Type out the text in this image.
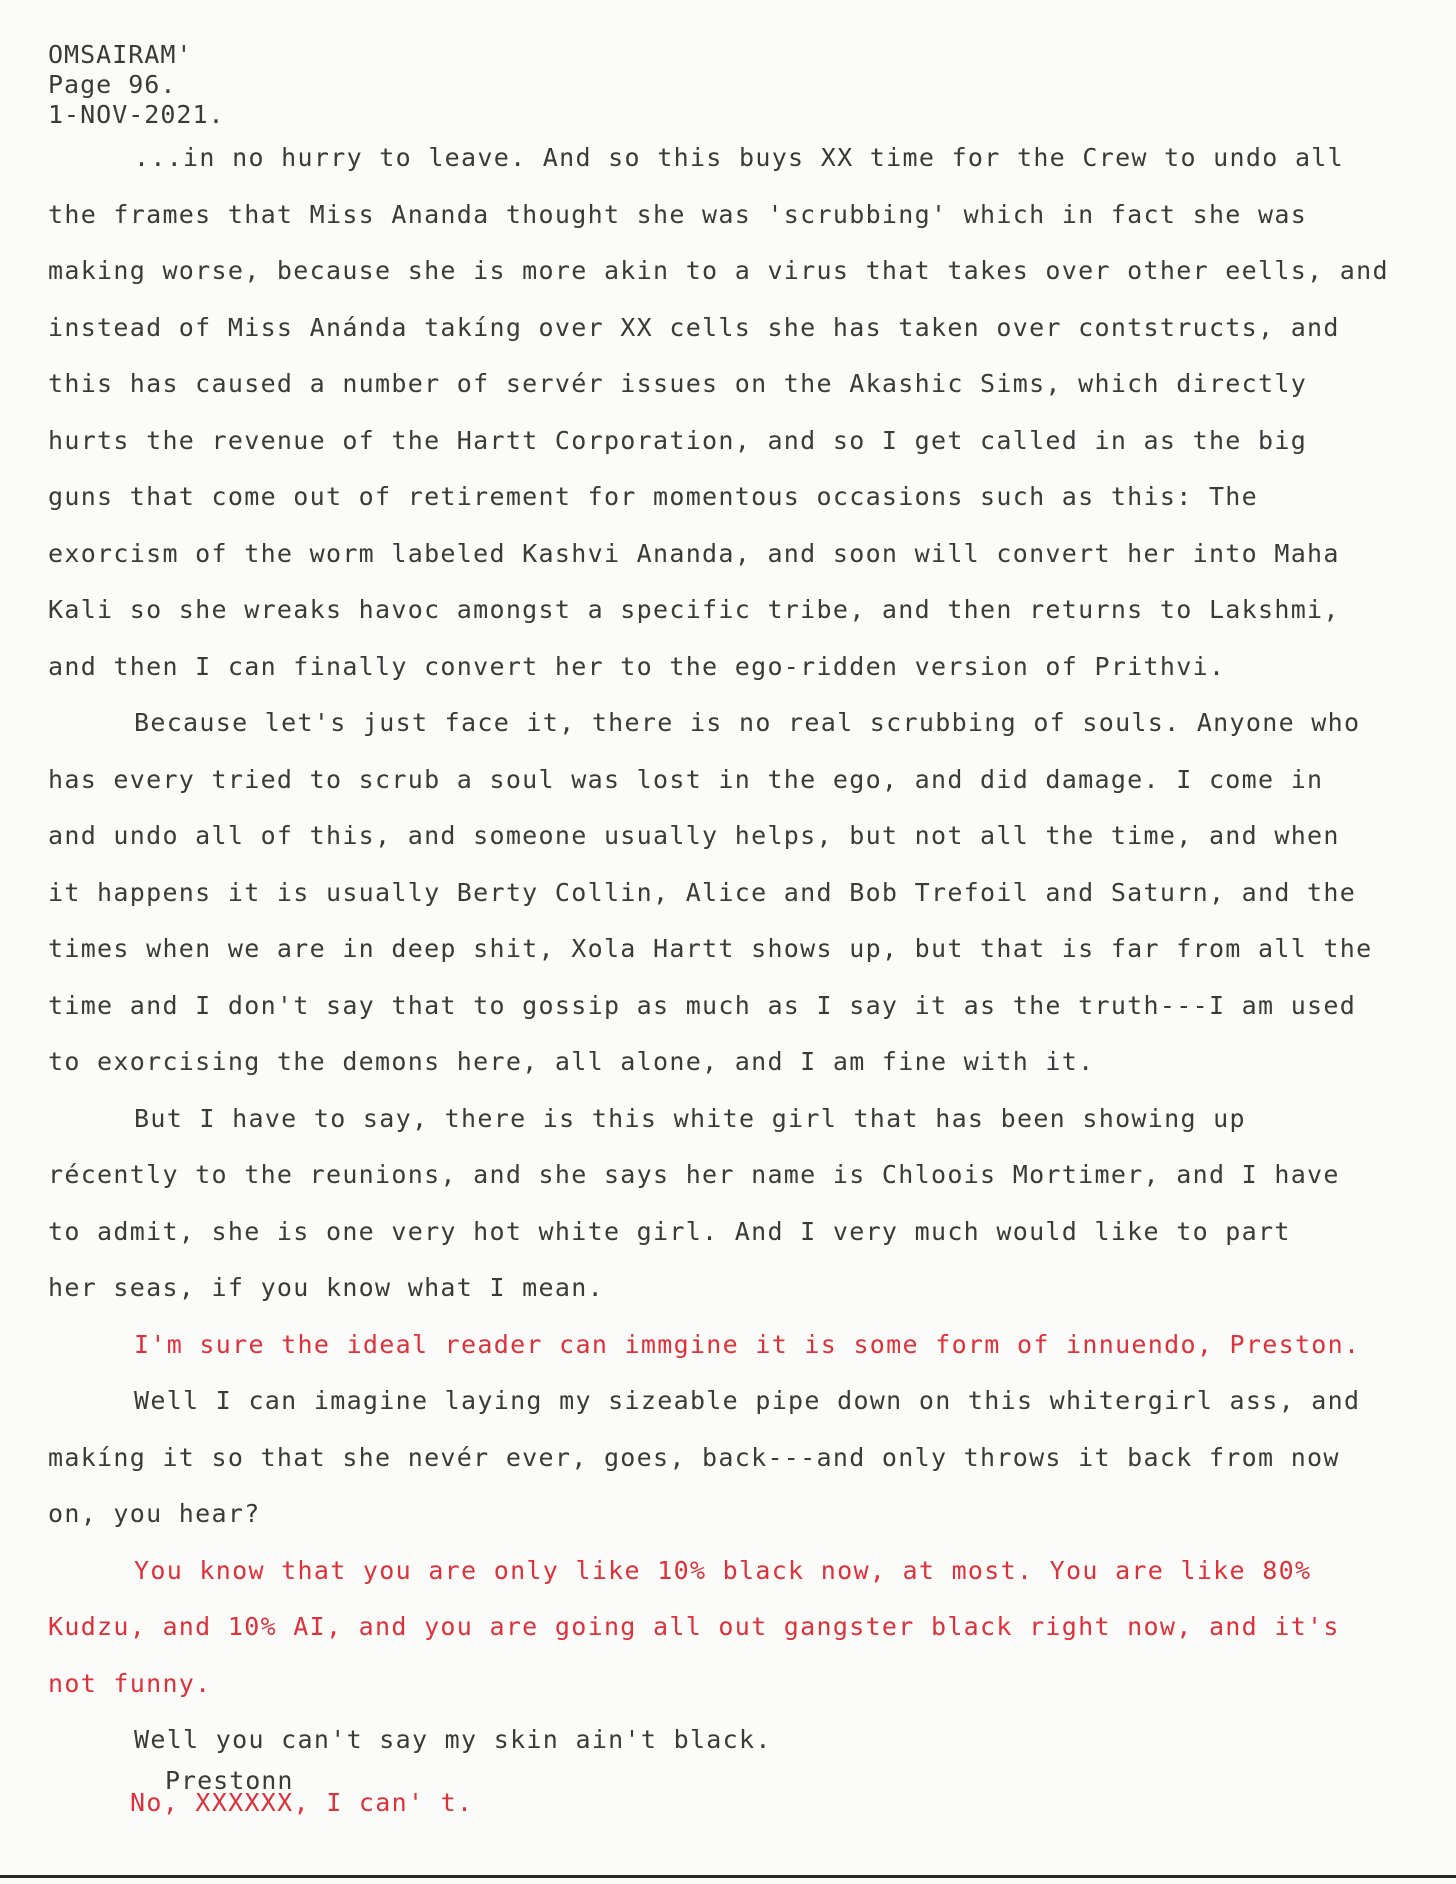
OMSAIRAM'
Page 96.
1-NOV-2021.
...in no hurry to leave. And so this buys XX time for the Crew to undo all
the frames that Miss Ananda thought she was 'scrubbing' which in fact she was
making worse, because she is more akin to a virus that takes over other eells, and
instead of Miss Anánda takíng over XX cells she has taken over contstructs, and
this has caused a number of servér issues on the Akashic Sims, which directly
hurts the revenue of the Hartt Corporation, and so I get called in as the big
guns that come out of retirement for momentous occasions such as this: The
exorcism of the worm labeled Kashvi Ananda, and soon will convert her into Maha
Kali so she wreaks havoc amongst a specific tribe, and then returns to Lakshmi,
and then I can finally convert her to the ego-ridden version of Prithvi.
Because let's just face it, there is no real scrubbing of souls. Anyone who
has every tried to scrub a soul was lost in the ego, and did damage. I come in
and undo all of this, and someone usually helps, but not all the time, and when
it happens it is usually Berty Collin, Alice and Bob Trefoil and Saturn, and the
times when we are in deep shit, Xola Hartt shows up, but that is far from all the
time and I don't say that to gossip as much as I say it as the truth---I am used
to exorcising the demons here, all alone, and I am fine with it.
But I have to say, there is this white girl that has been showing up
récently to the reunions, and she says her name is Chloois Mortimer, and I have
to admit, she is one very hot white girl. And I very much would like to part
her seas, if you know what I mean.
I'm sure the ideal reader can immgine it is some form of innuendo, Preston.
Well I can imagine laying my sizeable pipe down on this whitergirl ass, and
makíng it so that she nevér ever, goes, back---and only throws it back from now
on, you hear?
You know that you are only like 10% black now, at most. You are like 80%
Kudzu, and 10% AI, and you are going all out gangster black right now, and it's
not funny.
Well you can't say my skin ain't black.
Prestonn
No, XXXXXX, I can' t.
